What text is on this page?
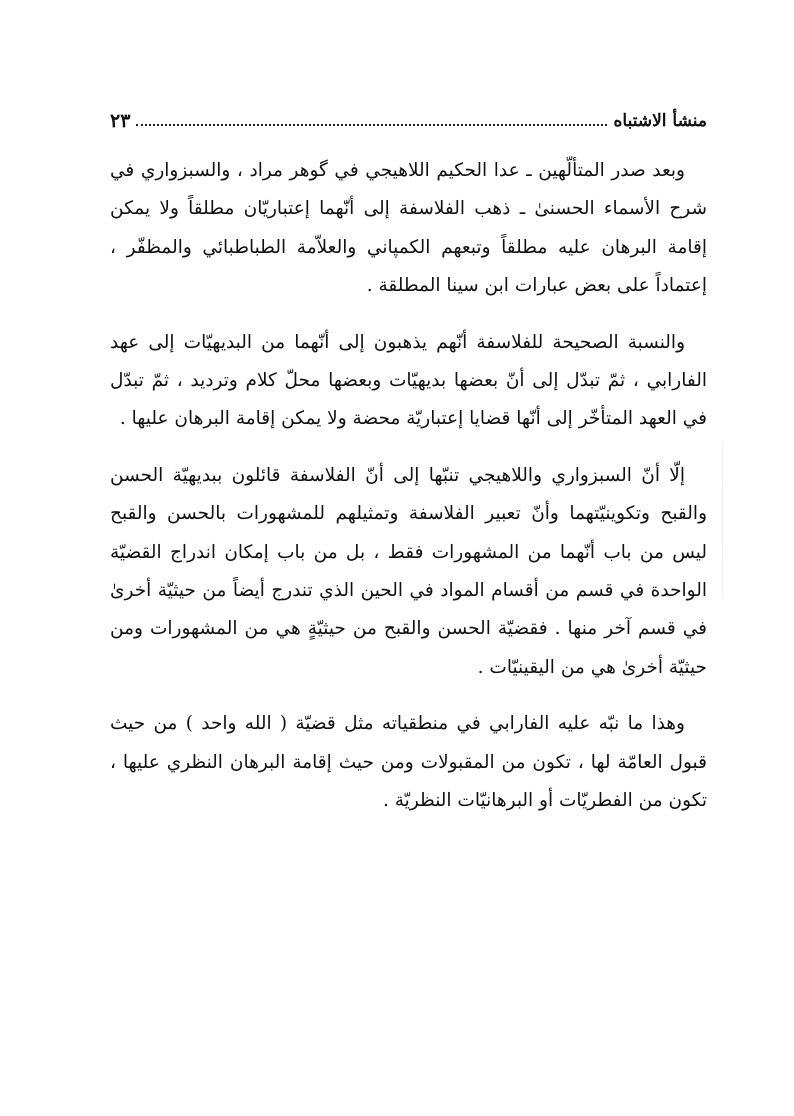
منشأ الاشتباه
٢٣

وبعد صدر المتألّهين ـ عدا الحكيم اللاهيجي في گوهر مراد ، والسبزواري في شرح الأسماء الحسنىٰ ـ ذهب الفلاسفة إلى أنّهما إعتباريّان مطلقاً ولا يمكن إقامة البرهان عليه مطلقاً وتبعهم الكمپاني والعلاّمة الطباطبائي والمظفّر ، إعتماداً على بعض عبارات ابن سينا المطلقة .

والنسبة الصحيحة للفلاسفة أنّهم يذهبون إلى أنّهما من البديهيّات إلى عهد الفارابي ، ثمّ تبدّل إلى أنّ بعضها بديهيّات وبعضها محلّ كلام وترديد ، ثمّ تبدّل في العهد المتأخّر إلى أنّها قضايا إعتباريّة محضة ولا يمكن إقامة البرهان عليها .

إلّا أنّ السبزواري واللاهيجي تنبّها إلى أنّ الفلاسفة قائلون ببديهيّة الحسن والقبح وتكوينيّتهما وأنّ تعبير الفلاسفة وتمثيلهم للمشهورات بالحسن والقبح ليس من باب أنّهما من المشهورات فقط ، بل من باب إمكان اندراج القضيّة الواحدة في قسم من أقسام المواد في الحين الذي تندرج أيضاً من حيثيّة أخرىٰ في قسم آخر منها . فقضيّة الحسن والقبح من حيثيّةٍ هي من المشهورات ومن حيثيّة أخرىٰ هي من اليقينيّات .

وهذا ما نبّه عليه الفارابي في منطقياته مثل قضيّة ( الله واحد ) من حيث قبول العامّة لها ، تكون من المقبولات ومن حيث إقامة البرهان النظري عليها ، تكون من الفطريّات أو البرهانيّات النظريّة .
